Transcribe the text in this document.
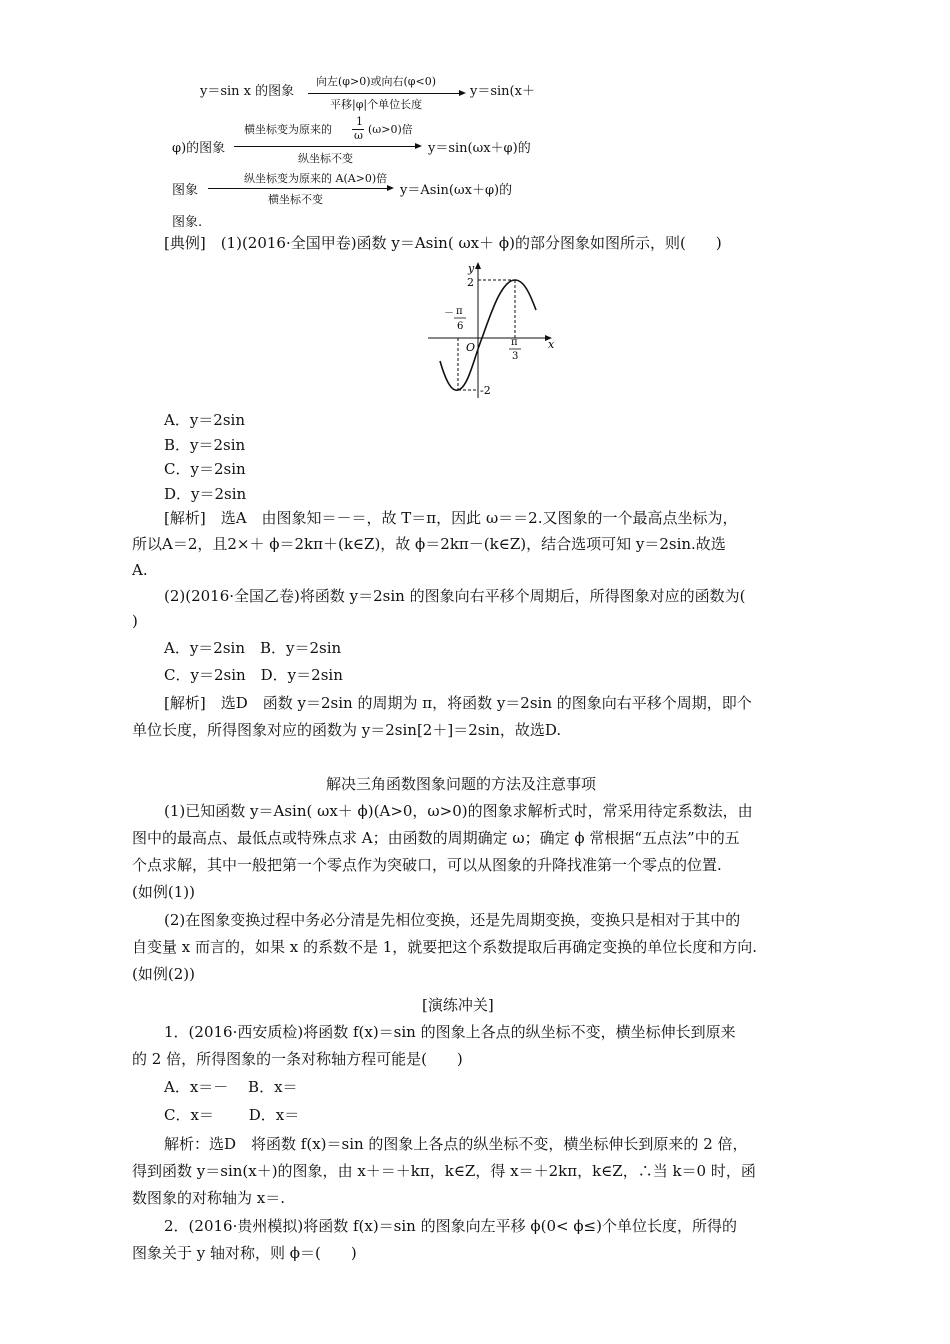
y＝sin x 的图象
向左(φ>0)或向右(φ<0)
平移|φ|个单位长度
y＝sin(x＋
φ)的图象
横坐标变为原来的
1
ω (ω>0)倍
纵坐标不变
y＝sin(ωx＋φ)的
图象
纵坐标变为原来的 A(A>0)倍
横坐标不变
y＝Asin(ωx＋φ)的
图象.
[典例]　(1)(2016·全国甲卷)函数 y＝Asin( ωx＋ ϕ)的部分图象如图所示，则(　　)
y
x
O
2
-2
－ π
6
π
3
A．y＝2sin
B．y＝2sin
C．y＝2sin
D．y＝2sin
[解析]　选A　由图象知＝－＝，故 T＝π，因此 ω＝＝2.又图象的一个最高点坐标为，
所以A＝2，且2×＋ ϕ＝2kπ＋(k∈Z)，故 ϕ＝2kπ－(k∈Z)，结合选项可知 y＝2sin.故选
A.
(2)(2016·全国乙卷)将函数 y＝2sin 的图象向右平移个周期后，所得图象对应的函数为(
)
A．y＝2sin　B．y＝2sin
C．y＝2sin　D．y＝2sin
[解析]　选D　函数 y＝2sin 的周期为 π，将函数 y＝2sin 的图象向右平移个周期，即个
单位长度，所得图象对应的函数为 y＝2sin[2＋]＝2sin，故选D.
解决三角函数图象问题的方法及注意事项
(1)已知函数 y＝Asin( ωx＋ ϕ)(A>0，ω>0)的图象求解析式时，常采用待定系数法，由
图中的最高点、最低点或特殊点求 A；由函数的周期确定 ω；确定 ϕ 常根据“五点法”中的五
个点求解，其中一般把第一个零点作为突破口，可以从图象的升降找准第一个零点的位置.
(如例(1))
(2)在图象变换过程中务必分清是先相位变换，还是先周期变换，变换只是相对于其中的
自变量 x 而言的，如果 x 的系数不是 1，就要把这个系数提取后再确定变换的单位长度和方向.
(如例(2))
[演练冲关]
1．(2016·西安质检)将函数 f(x)＝sin 的图象上各点的纵坐标不变，横坐标伸长到原来
的 2 倍，所得图象的一条对称轴方程可能是(　　)
A．x＝－　 B．x＝
C．x＝　　 D．x＝
解析：选D　将函数 f(x)＝sin 的图象上各点的纵坐标不变，横坐标伸长到原来的 2 倍，
得到函数 y＝sin(x＋)的图象，由 x＋＝＋kπ，k∈Z，得 x＝＋2kπ，k∈Z，∴当 k＝0 时，函
数图象的对称轴为 x＝.
2．(2016·贵州模拟)将函数 f(x)＝sin 的图象向左平移 ϕ(0< ϕ≤)个单位长度，所得的
图象关于 y 轴对称，则 ϕ＝(　　)
